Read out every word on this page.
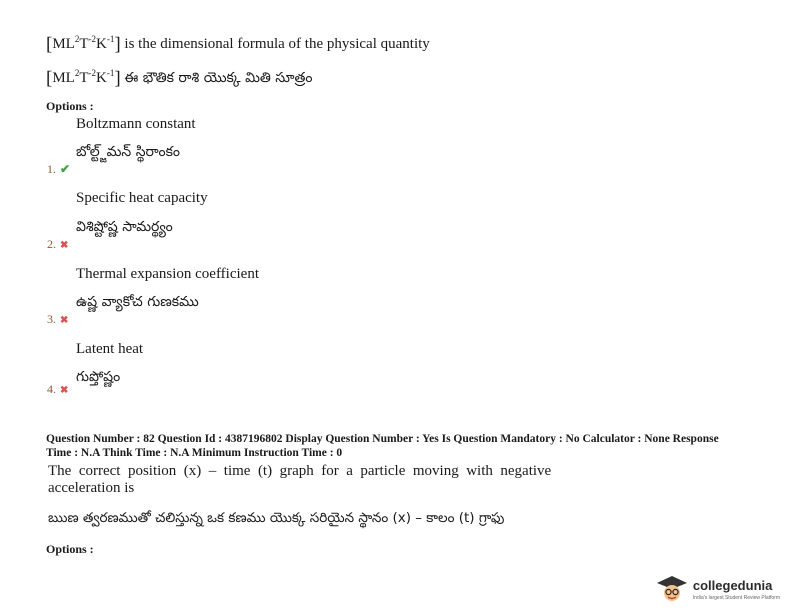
$[ML^2T^{-2}K^{-1}]$ is the dimensional formula of the physical quantity
$[ML^2T^{-2}K^{-1}]$ ఈ భౌతిక రాశి యొక్క మితి సూత్రం
Options :
Boltzmann constant
బోల్ట్జ్‌మన్ స్థిరాంకం
1. ✔
Specific heat capacity
విశిష్టోష్ణ సామర్థ్యం
2. ✖
Thermal expansion coefficient
ఉష్ణ వ్యాకోచ గుణకము
3. ✖
Latent heat
గుప్తోష్ణం
4. ✖
Question Number : 82 Question Id : 4387196802 Display Question Number : Yes Is Question Mandatory : No Calculator : None Response
Time : N.A Think Time : N.A Minimum Instruction Time : 0
The  correct  position  (x)  –  time  (t)  graph  for  a  particle  moving  with  negative
acceleration is
ఋణ త్వరణముతో చలిస్తున్న ఒక కణము యొక్క సరియైన స్థానం (x) – కాలం (t) గ్రాఫు
Options :
collegedunia
India's largest Student Review Platform
